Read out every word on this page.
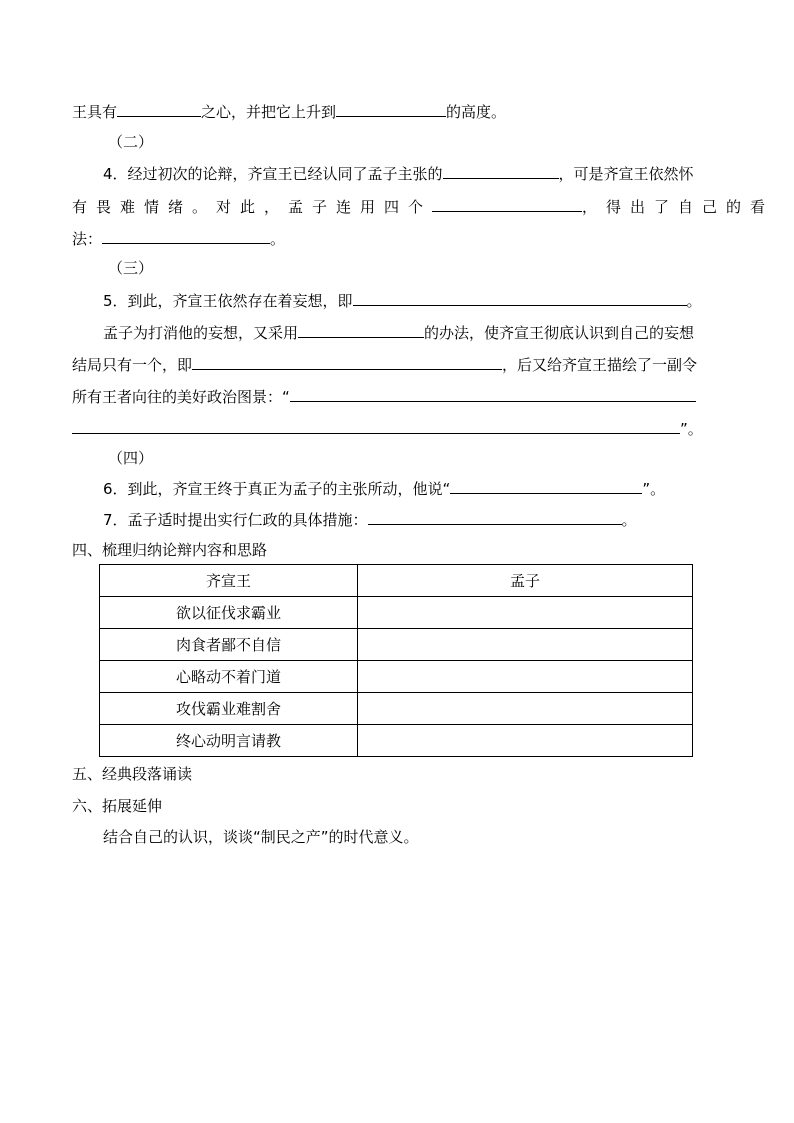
王具有	之心，并把它上升到	的高度。
（二）
4．经过初次的论辩，齐宣王已经认同了孟子主张的	，可是齐宣王依然怀
有畏难情绪。对此，孟子连用四个	，得出了自己的看
法：	。
（三）
5．到此，齐宣王依然存在着妄想，即	。
孟子为打消他的妄想，又采用	的办法，使齐宣王彻底认识到自己的妄想
结局只有一个，即	，后又给齐宣王描绘了一副令
所有王者向往的美好政治图景：“
”。
（四）
6．到此，齐宣王终于真正为孟子的主张所动，他说“	”。
7．孟子适时提出实行仁政的具体措施：	。
四、梳理归纳论辩内容和思路
齐宣王	孟子
欲以征伐求霸业	
肉食者鄙不自信	
心略动不着门道	
攻伐霸业难割舍	
终心动明言请教	
五、经典段落诵读
六、拓展延伸
结合自己的认识，谈谈“制民之产”的时代意义。
